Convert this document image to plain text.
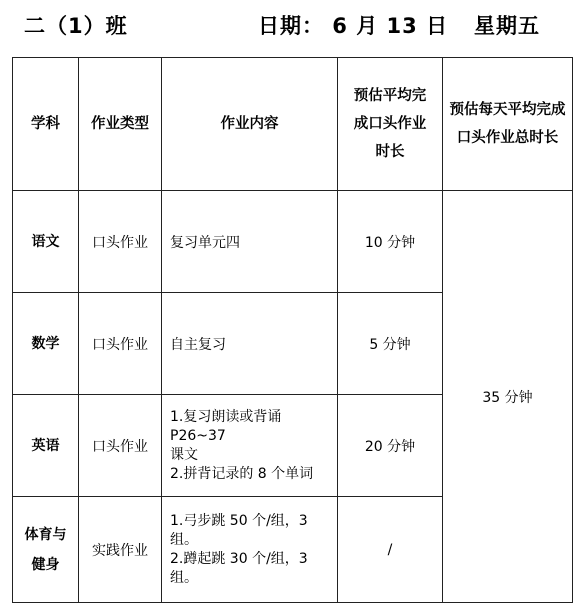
二（1）班	日期： 6 月 13 日 星期五
学科	作业类型	作业内容	预估平均完
成口头作业
时长	预估每天平均完成
口头作业总时长

语文	口头作业	复习单元四	10 分钟	35 分钟

数学	口头作业	自主复习	5 分钟	

英语	口头作业	1.复习朗读或背诵 P26~37
课文
2.拼背记录的 8 个单词	20 分钟	

体育与
健身	实践作业	1.弓步跳 50 个/组，3 组。
2.蹲起跳 30 个/组，3 组。	/	
